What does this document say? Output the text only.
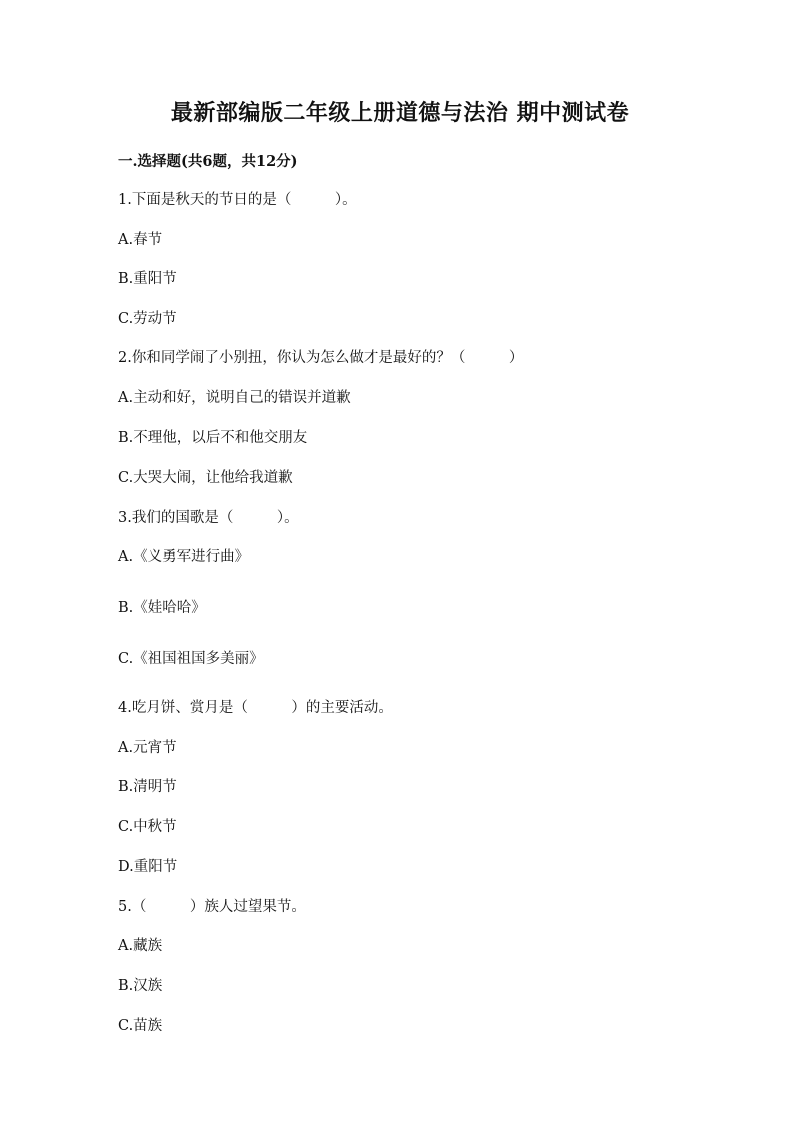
最新部编版二年级上册道德与法治 期中测试卷
一.选择题(共6题，共12分)
1.下面是秋天的节日的是（　　　）。
A.春节
B.重阳节
C.劳动节
2.你和同学闹了小别扭，你认为怎么做才是最好的？（　　　）
A.主动和好，说明自己的错误并道歉
B.不理他，以后不和他交朋友
C.大哭大闹，让他给我道歉
3.我们的国歌是（　　　）。
A.《义勇军进行曲》
B.《娃哈哈》
C.《祖国祖国多美丽》
4.吃月饼、赏月是（　　　）的主要活动。
A.元宵节
B.清明节
C.中秋节
D.重阳节
5.（　　　）族人过望果节。
A.藏族
B.汉族
C.苗族
